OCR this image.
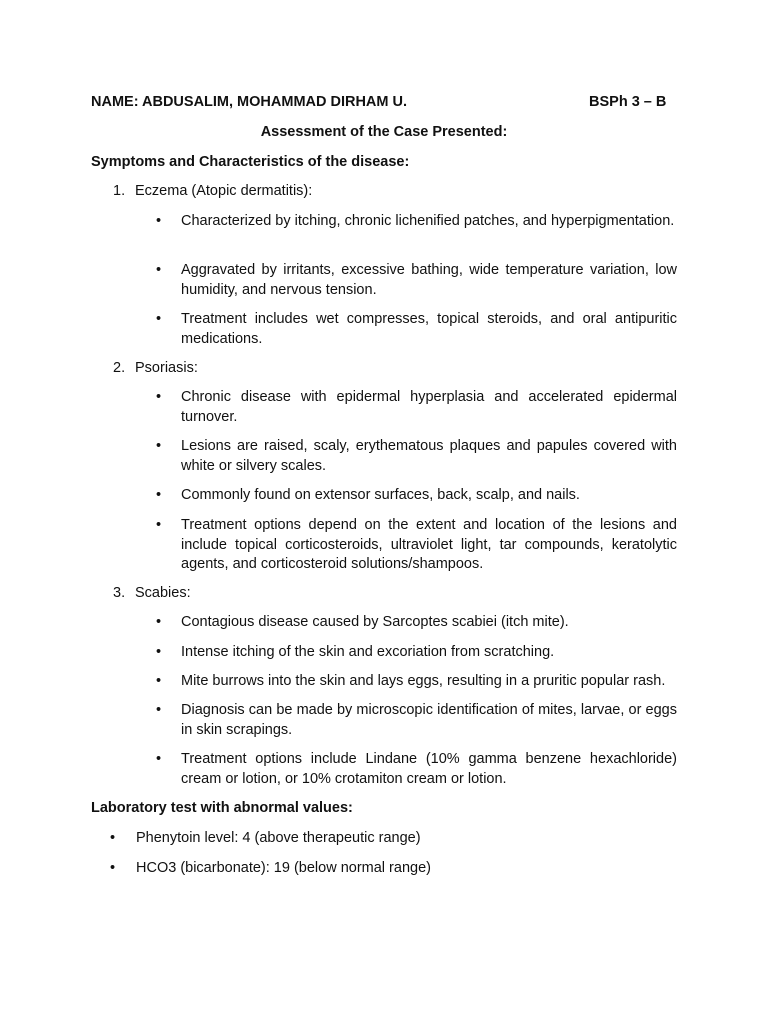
NAME: ABDUSALIM, MOHAMMAD DIRHAM U.	BSPh 3 – B
Assessment of the Case Presented:
Symptoms and Characteristics of the disease:
1. Eczema (Atopic dermatitis):
• Characterized by itching, chronic lichenified patches, and hyperpigmentation.
• Aggravated by irritants, excessive bathing, wide temperature variation, low humidity, and nervous tension.
• Treatment includes wet compresses, topical steroids, and oral antipuritic medications.
2. Psoriasis:
• Chronic disease with epidermal hyperplasia and accelerated epidermal turnover.
• Lesions are raised, scaly, erythematous plaques and papules covered with white or silvery scales.
• Commonly found on extensor surfaces, back, scalp, and nails.
• Treatment options depend on the extent and location of the lesions and include topical corticosteroids, ultraviolet light, tar compounds, keratolytic agents, and corticosteroid solutions/shampoos.
3. Scabies:
• Contagious disease caused by Sarcoptes scabiei (itch mite).
• Intense itching of the skin and excoriation from scratching.
• Mite burrows into the skin and lays eggs, resulting in a pruritic popular rash.
• Diagnosis can be made by microscopic identification of mites, larvae, or eggs in skin scrapings.
• Treatment options include Lindane (10% gamma benzene hexachloride) cream or lotion, or 10% crotamiton cream or lotion.
Laboratory test with abnormal values:
• Phenytoin level: 4 (above therapeutic range)
• HCO3 (bicarbonate): 19 (below normal range)
